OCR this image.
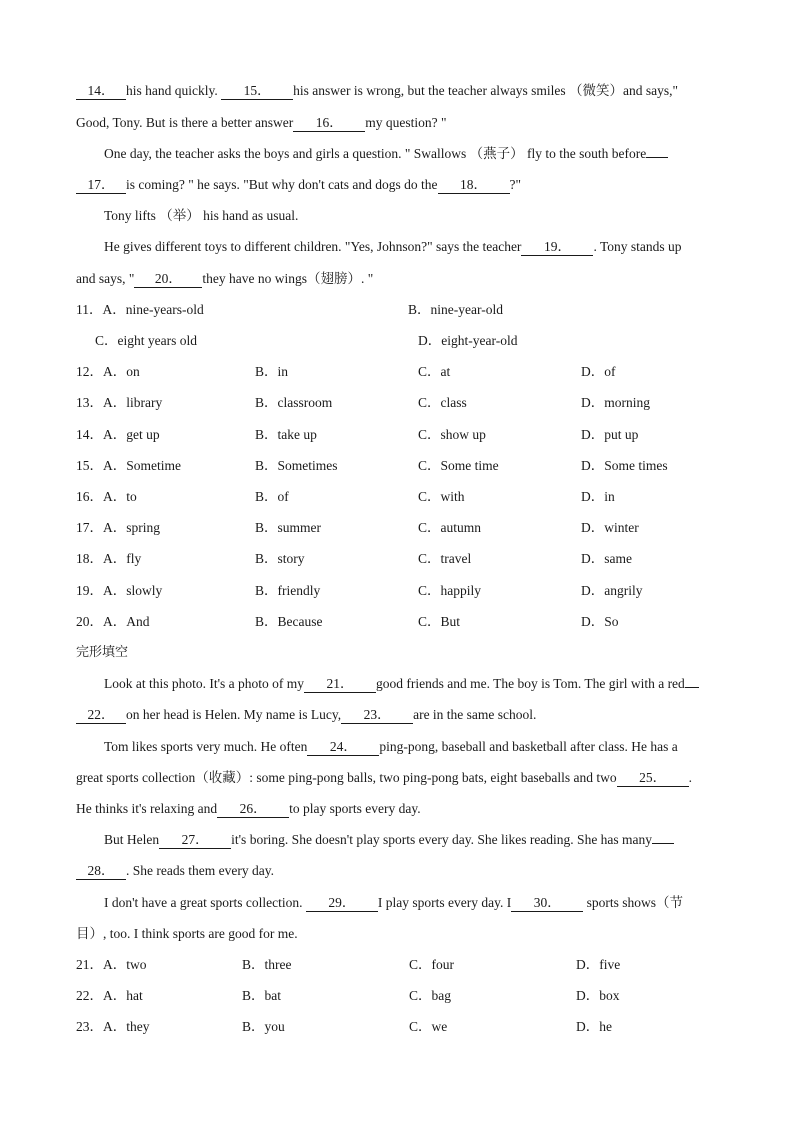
14． his hand quickly. 15． his answer is wrong, but the teacher always smiles （微笑）and says,"
Good, Tony. But is there a better answer 16． my question? "
One day, the teacher asks the boys and girls a question. " Swallows （燕子） fly to the south before
17． is coming? " he says. "But why don't cats and dogs do the 18． ?"
Tony lifts （举） his hand as usual.
He gives different toys to different children. "Yes, Johnson?" says the teacher 19． . Tony stands up
and says, " 20． they have no wings（翅膀）. "
11．A．nine-years-old	B．nine-year-old
C．eight years old	D．eight-year-old
12．A．on	B．in	C．at	D．of
13．A．library	B．classroom	C．class	D．morning
14．A．get up	B．take up	C．show up	D．put up
15．A．Sometime	B．Sometimes	C．Some time	D．Some times
16．A．to	B．of	C．with	D．in
17．A．spring	B．summer	C．autumn	D．winter
18．A．fly	B．story	C．travel	D．same
19．A．slowly	B．friendly	C．happily	D．angrily
20．A．And	B．Because	C．But	D．So
完形填空
Look at this photo. It's a photo of my 21． good friends and me. The boy is Tom. The girl with a red
22． on her head is Helen. My name is Lucy, 23． are in the same school.
Tom likes sports very much. He often 24． ping-pong, baseball and basketball after class. He has a
great sports collection（收藏）: some ping-pong balls, two ping-pong bats, eight baseballs and two 25． .
He thinks it's relaxing and 26． to play sports every day.
But Helen 27． it's boring. She doesn't play sports every day. She likes reading. She has many
28． . She reads them every day.
I don't have a great sports collection. 29． I play sports every day. I 30． sports shows（节
目）, too. I think sports are good for me.
21．A．two	B．three	C．four	D．five
22．A．hat	B．bat	C．bag	D．box
23．A．they	B．you	C．we	D．he
